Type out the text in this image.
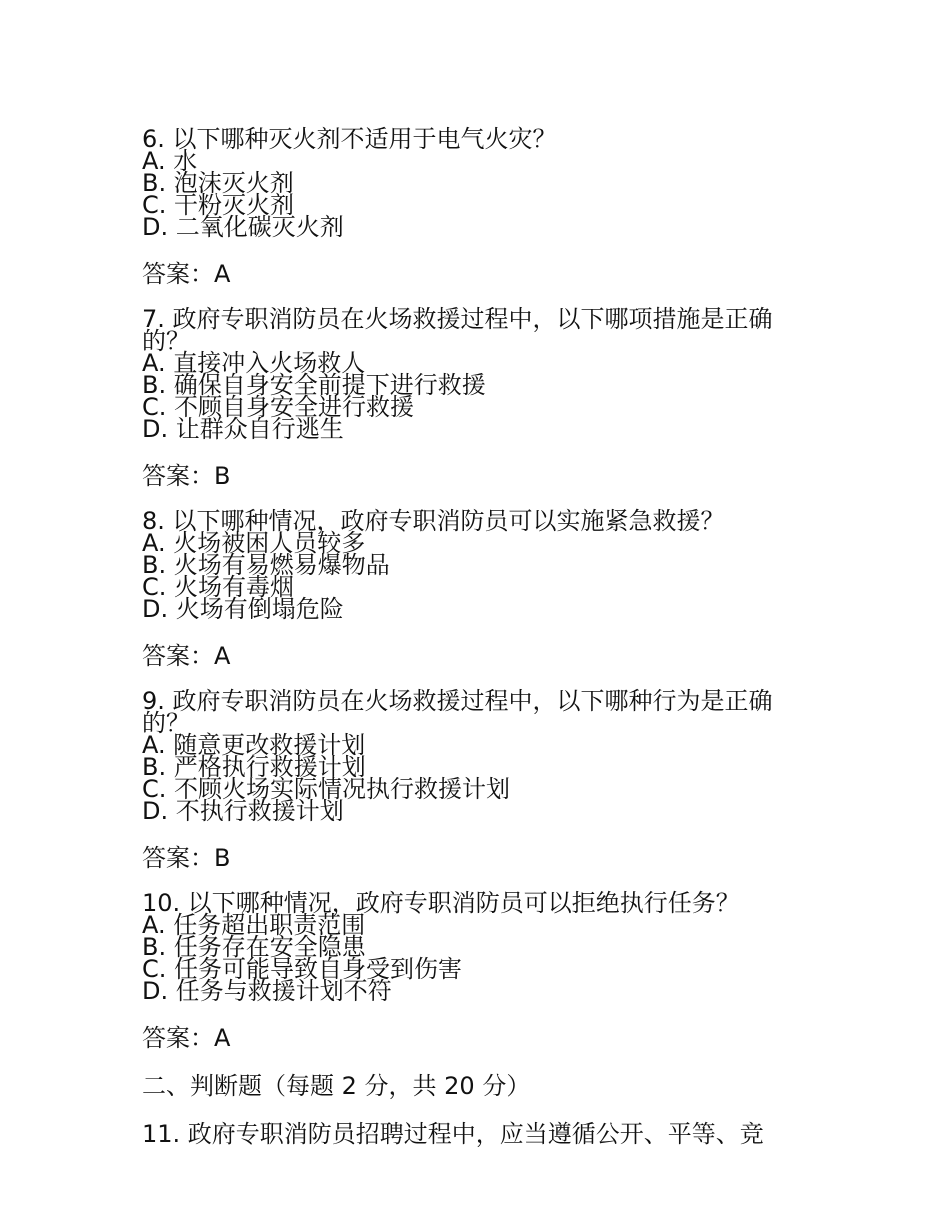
6. 以下哪种灭火剂不适用于电气火灾？
A. 水
B. 泡沫灭火剂
C. 干粉灭火剂
D. 二氧化碳灭火剂
答案：A
7. 政府专职消防员在火场救援过程中，以下哪项措施是正确的？
A. 直接冲入火场救人
B. 确保自身安全前提下进行救援
C. 不顾自身安全进行救援
D. 让群众自行逃生
答案：B
8. 以下哪种情况，政府专职消防员可以实施紧急救援？
A. 火场被困人员较多
B. 火场有易燃易爆物品
C. 火场有毒烟
D. 火场有倒塌危险
答案：A
9. 政府专职消防员在火场救援过程中，以下哪种行为是正确的？
A. 随意更改救援计划
B. 严格执行救援计划
C. 不顾火场实际情况执行救援计划
D. 不执行救援计划
答案：B
10. 以下哪种情况，政府专职消防员可以拒绝执行任务？
A. 任务超出职责范围
B. 任务存在安全隐患
C. 任务可能导致自身受到伤害
D. 任务与救援计划不符
答案：A
二、判断题（每题 2 分，共 20 分）
11. 政府专职消防员招聘过程中，应当遵循公开、平等、竞
